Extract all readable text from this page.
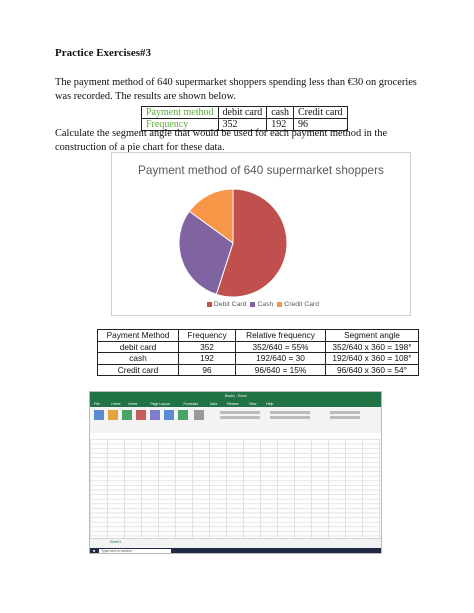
Practice Exercises#3
The payment method of 640 supermarket shoppers spending less than €30 on groceries was recorded. The results are shown below.
Payment method	debit card	cash	Credit card
Frequency	352	192	96
Calculate the segment angle that would be used for each payment method in the construction of a pie chart for these data.
Payment method of 640 supermarket shoppers
Debit Card Cash Credit Card
Payment Method	Frequency	Relative frequency	Segment angle
debit card	352	352/640 = 55%	352/640 x 360 = 198°
cash	192	192/640 = 30	192/640 x 360 = 108°
Credit card	96	96/640 = 15%	96/640 x 360 = 54°
Book1 - Excel
File	Home Insert	Page Layout	Formulas	Data	Review	View	Help
Sheet1
■	Type here to search
